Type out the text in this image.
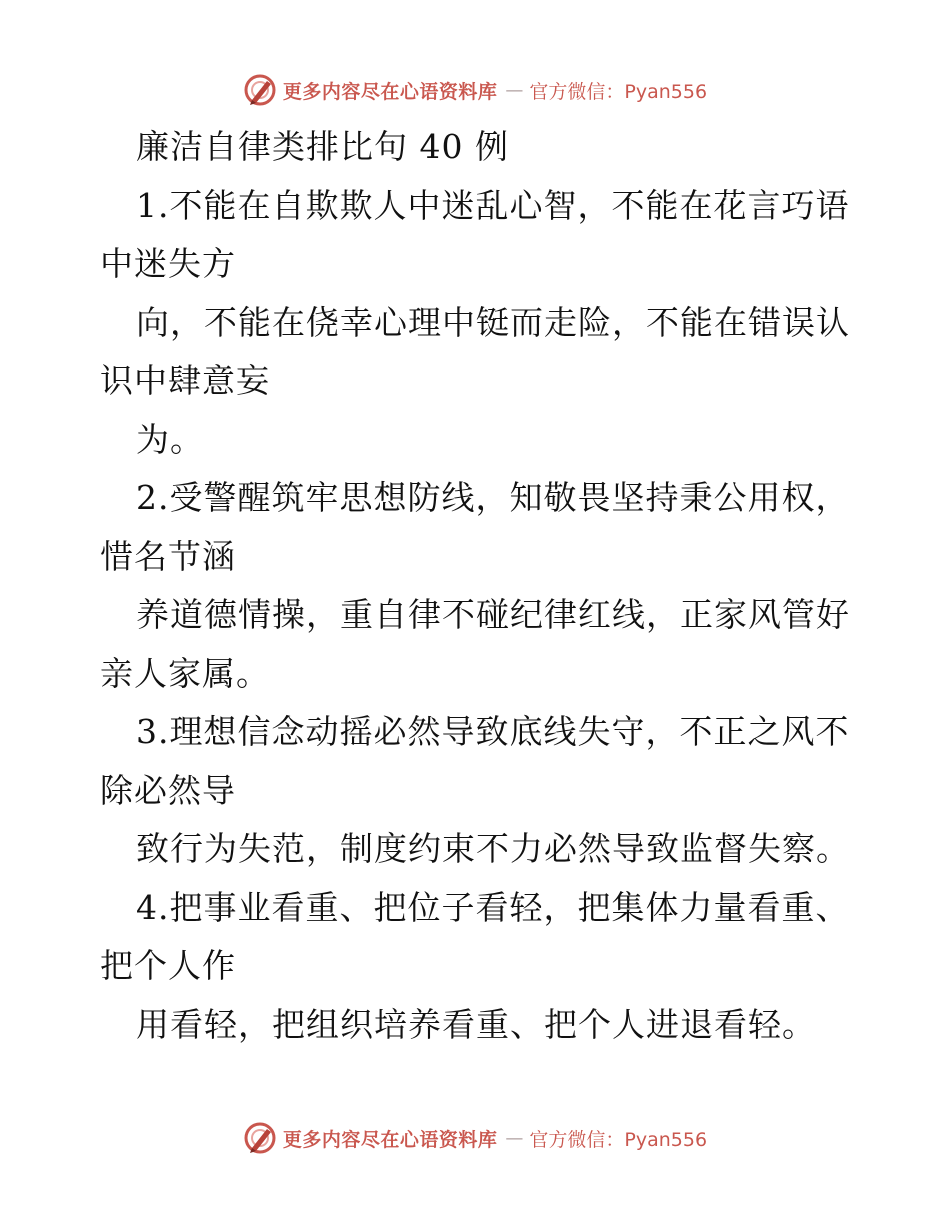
更多内容尽在心语资料库 — 官方微信：Pyan556
廉洁自律类排比句 40 例
1.不能在自欺欺人中迷乱心智，不能在花言巧语
中迷失方
向，不能在侥幸心理中铤而走险，不能在错误认
识中肆意妄
为。
2.受警醒筑牢思想防线，知敬畏坚持秉公用权，
惜名节涵
养道德情操，重自律不碰纪律红线，正家风管好
亲人家属。
3.理想信念动摇必然导致底线失守，不正之风不
除必然导
致行为失范，制度约束不力必然导致监督失察。
4.把事业看重、把位子看轻，把集体力量看重、
把个人作
用看轻，把组织培养看重、把个人进退看轻。
更多内容尽在心语资料库 — 官方微信：Pyan556
